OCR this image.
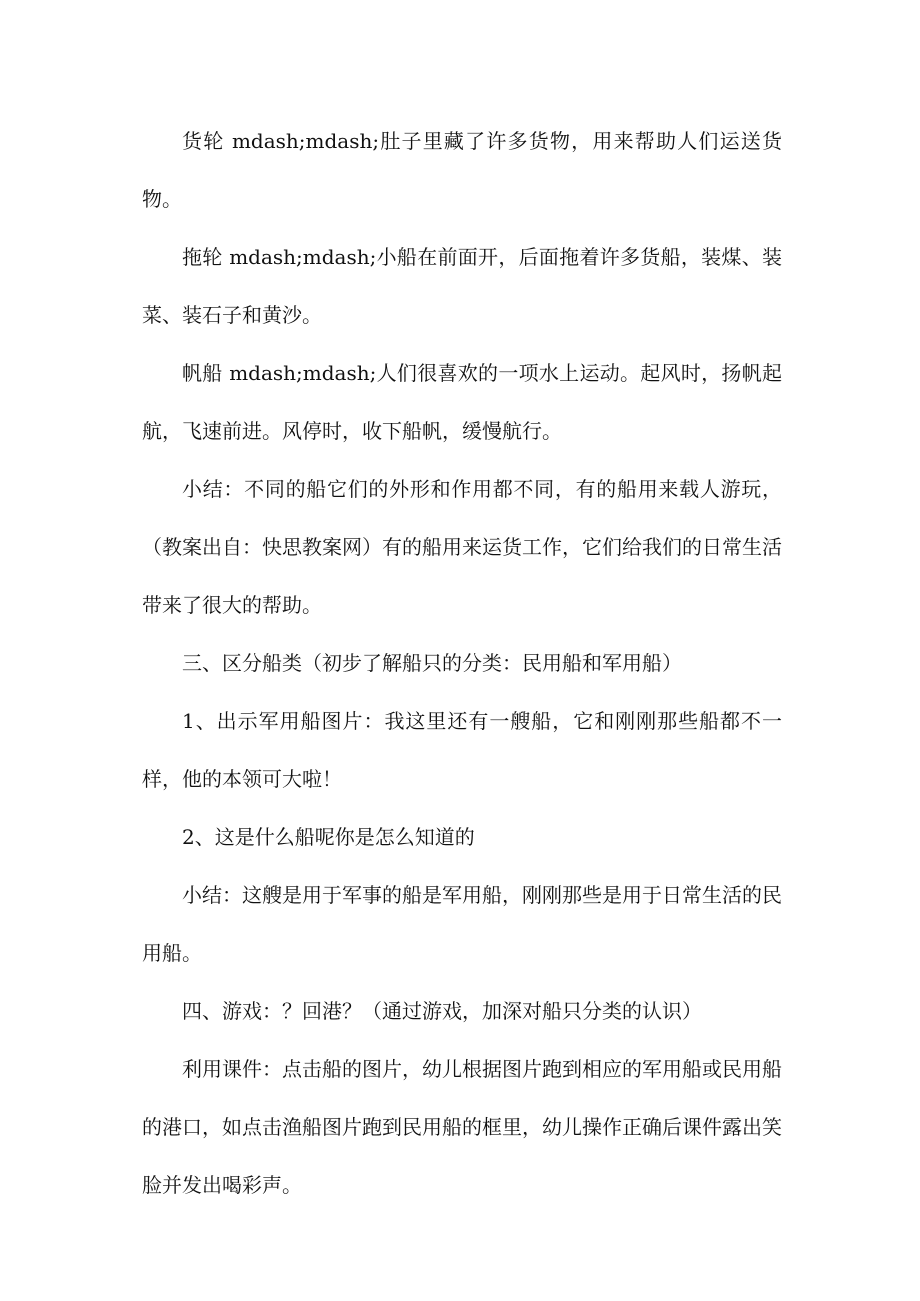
货轮 mdash;mdash;肚子里藏了许多货物，用来帮助人们运送货物。

拖轮 mdash;mdash;小船在前面开，后面拖着许多货船，装煤、装菜、装石子和黄沙。

帆船 mdash;mdash;人们很喜欢的一项水上运动。起风时，扬帆起航，飞速前进。风停时，收下船帆，缓慢航行。

小结：不同的船它们的外形和作用都不同，有的船用来载人游玩，（教案出自：快思教案网）有的船用来运货工作，它们给我们的日常生活带来了很大的帮助。

三、区分船类（初步了解船只的分类：民用船和军用船）

1、出示军用船图片：我这里还有一艘船，它和刚刚那些船都不一样，他的本领可大啦！

2、这是什么船呢你是怎么知道的

小结：这艘是用于军事的船是军用船，刚刚那些是用于日常生活的民用船。

四、游戏：？回港？（通过游戏，加深对船只分类的认识）

利用课件：点击船的图片，幼儿根据图片跑到相应的军用船或民用船的港口，如点击渔船图片跑到民用船的框里，幼儿操作正确后课件露出笑脸并发出喝彩声。
